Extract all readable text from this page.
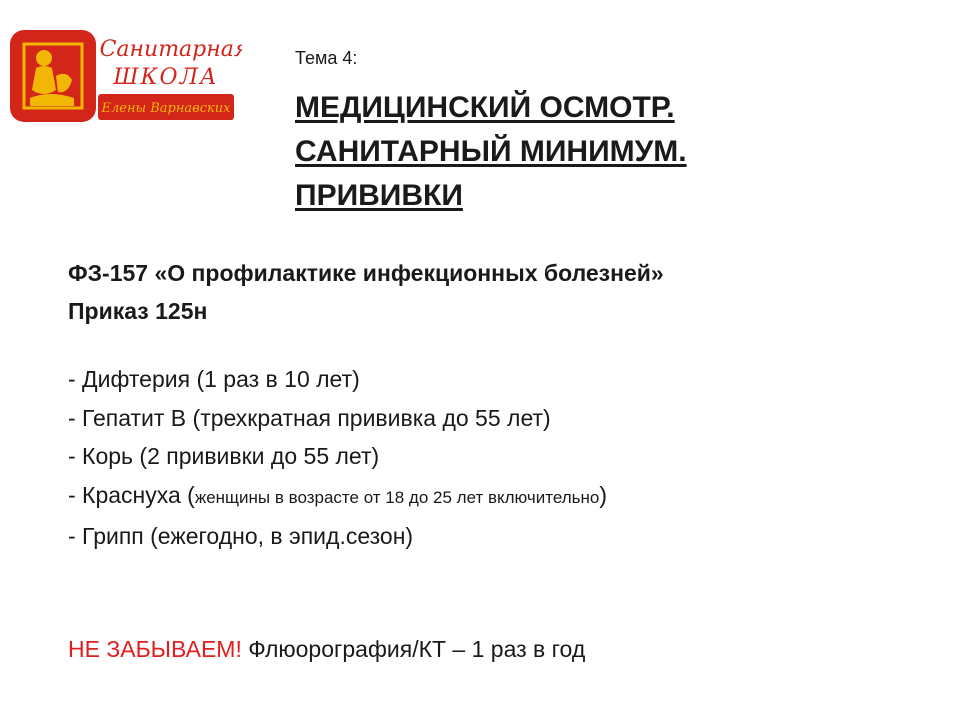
Санитарная
ШКОЛА
Елены Варнавских
Тема 4:
МЕДИЦИНСКИЙ ОСМОТР.
САНИТАРНЫЙ МИНИМУМ.
ПРИВИВКИ
ФЗ-157 «О профилактике инфекционных болезней»
Приказ 125н
- Дифтерия (1 раз в 10 лет)
- Гепатит В (трехкратная прививка до 55 лет)
- Корь (2 прививки до 55 лет)
- Краснуха (женщины в возрасте от 18 до 25 лет включительно)
- Грипп (ежегодно, в эпид.сезон)
НЕ ЗАБЫВАЕМ! Флюорография/КТ – 1 раз в год
